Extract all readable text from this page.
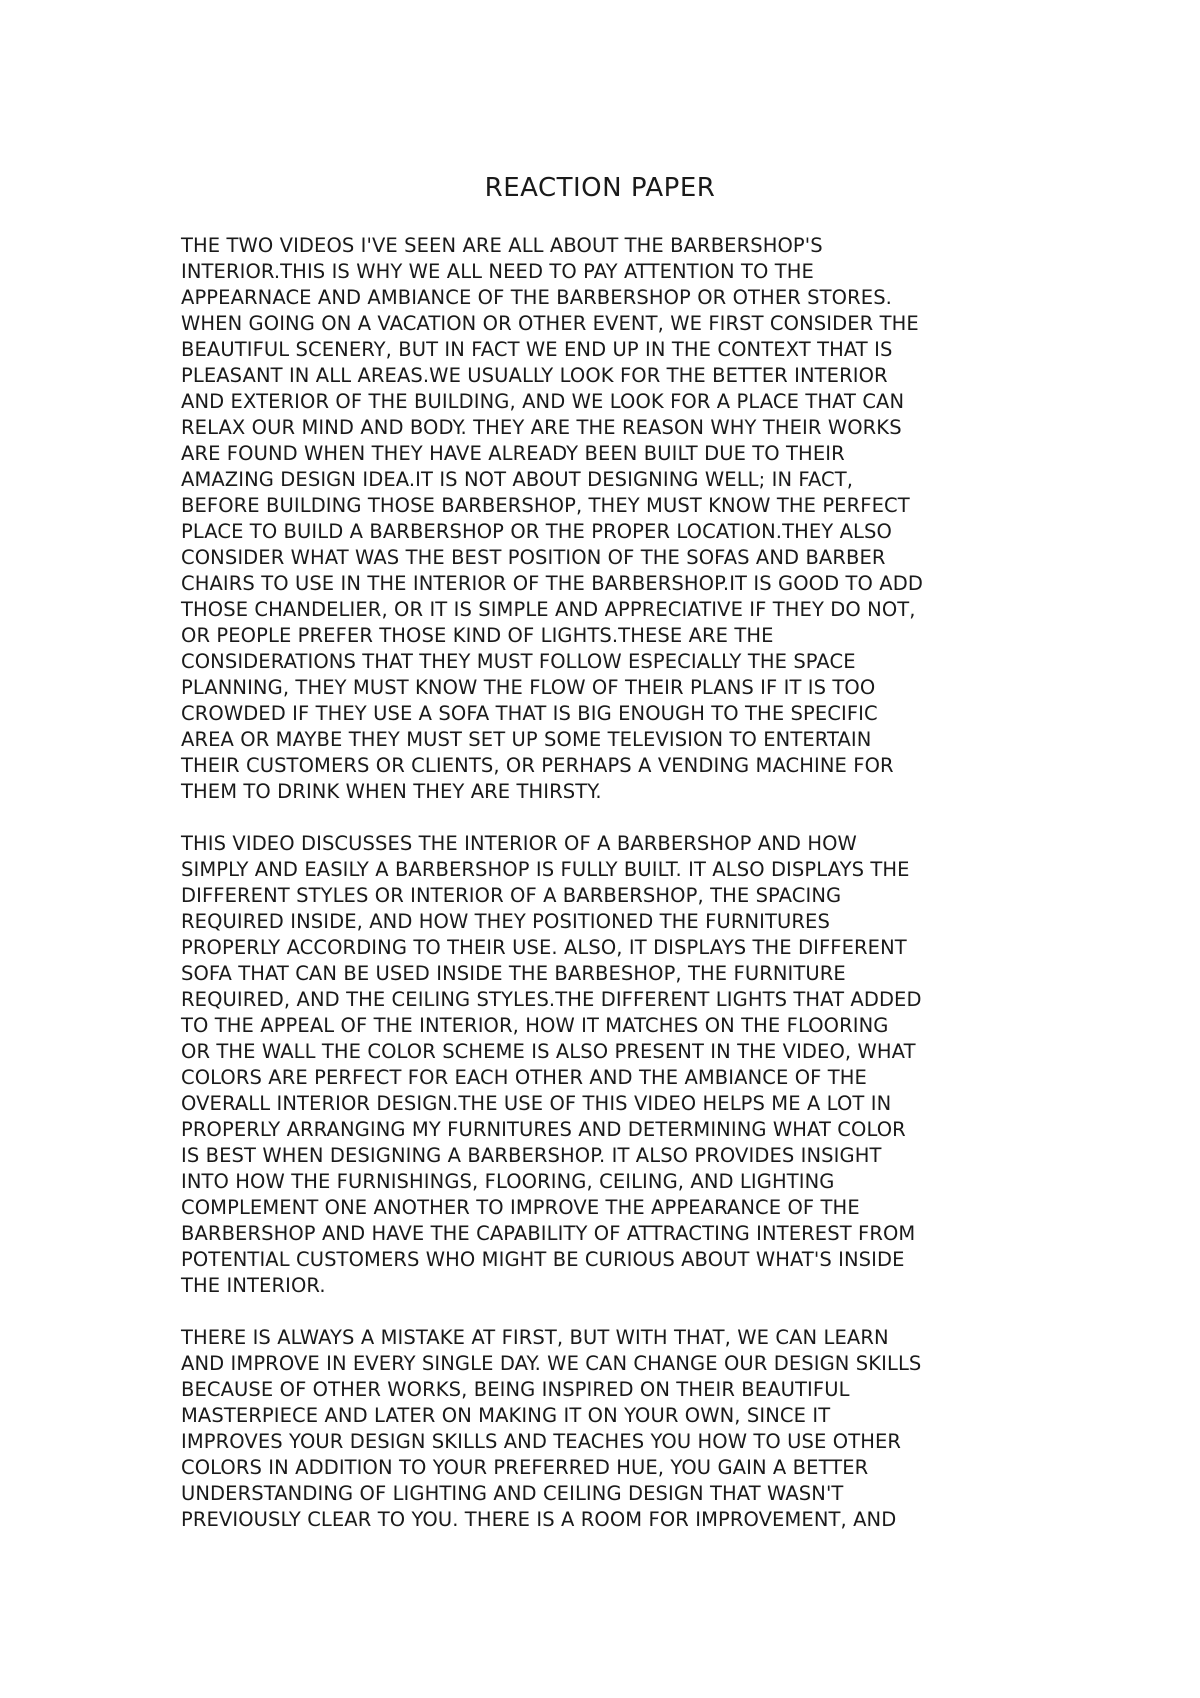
REACTION PAPER
THE TWO VIDEOS I'VE SEEN ARE ALL ABOUT THE BARBERSHOP'S
INTERIOR.THIS IS WHY WE ALL NEED TO PAY ATTENTION TO THE
APPEARNACE AND AMBIANCE OF THE BARBERSHOP OR OTHER STORES.
WHEN GOING ON A VACATION OR OTHER EVENT, WE FIRST CONSIDER THE
BEAUTIFUL SCENERY, BUT IN FACT WE END UP IN THE CONTEXT THAT IS
PLEASANT IN ALL AREAS.WE USUALLY LOOK FOR THE BETTER INTERIOR
AND EXTERIOR OF THE BUILDING, AND WE LOOK FOR A PLACE THAT CAN
RELAX OUR MIND AND BODY. THEY ARE THE REASON WHY THEIR WORKS
ARE FOUND WHEN THEY HAVE ALREADY BEEN BUILT DUE TO THEIR
AMAZING DESIGN IDEA.IT IS NOT ABOUT DESIGNING WELL; IN FACT,
BEFORE BUILDING THOSE BARBERSHOP, THEY MUST KNOW THE PERFECT
PLACE TO BUILD A BARBERSHOP OR THE PROPER LOCATION.THEY ALSO
CONSIDER WHAT WAS THE BEST POSITION OF THE SOFAS AND BARBER
CHAIRS TO USE IN THE INTERIOR OF THE BARBERSHOP.IT IS GOOD TO ADD
THOSE CHANDELIER, OR IT IS SIMPLE AND APPRECIATIVE IF THEY DO NOT,
OR PEOPLE PREFER THOSE KIND OF LIGHTS.THESE ARE THE
CONSIDERATIONS THAT THEY MUST FOLLOW ESPECIALLY THE SPACE
PLANNING, THEY MUST KNOW THE FLOW OF THEIR PLANS IF IT IS TOO
CROWDED IF THEY USE A SOFA THAT IS BIG ENOUGH TO THE SPECIFIC
AREA OR MAYBE THEY MUST SET UP SOME TELEVISION TO ENTERTAIN
THEIR CUSTOMERS OR CLIENTS, OR PERHAPS A VENDING MACHINE FOR
THEM TO DRINK WHEN THEY ARE THIRSTY.
THIS VIDEO DISCUSSES THE INTERIOR OF A BARBERSHOP AND HOW
SIMPLY AND EASILY A BARBERSHOP IS FULLY BUILT. IT ALSO DISPLAYS THE
DIFFERENT STYLES OR INTERIOR OF A BARBERSHOP, THE SPACING
REQUIRED INSIDE, AND HOW THEY POSITIONED THE FURNITURES
PROPERLY ACCORDING TO THEIR USE. ALSO, IT DISPLAYS THE DIFFERENT
SOFA THAT CAN BE USED INSIDE THE BARBESHOP, THE FURNITURE
REQUIRED, AND THE CEILING STYLES.THE DIFFERENT LIGHTS THAT ADDED
TO THE APPEAL OF THE INTERIOR, HOW IT MATCHES ON THE FLOORING
OR THE WALL THE COLOR SCHEME IS ALSO PRESENT IN THE VIDEO, WHAT
COLORS ARE PERFECT FOR EACH OTHER AND THE AMBIANCE OF THE
OVERALL INTERIOR DESIGN.THE USE OF THIS VIDEO HELPS ME A LOT IN
PROPERLY ARRANGING MY FURNITURES AND DETERMINING WHAT COLOR
IS BEST WHEN DESIGNING A BARBERSHOP. IT ALSO PROVIDES INSIGHT
INTO HOW THE FURNISHINGS, FLOORING, CEILING, AND LIGHTING
COMPLEMENT ONE ANOTHER TO IMPROVE THE APPEARANCE OF THE
BARBERSHOP AND HAVE THE CAPABILITY OF ATTRACTING INTEREST FROM
POTENTIAL CUSTOMERS WHO MIGHT BE CURIOUS ABOUT WHAT'S INSIDE
THE INTERIOR.
THERE IS ALWAYS A MISTAKE AT FIRST, BUT WITH THAT, WE CAN LEARN
AND IMPROVE IN EVERY SINGLE DAY. WE CAN CHANGE OUR DESIGN SKILLS
BECAUSE OF OTHER WORKS, BEING INSPIRED ON THEIR BEAUTIFUL
MASTERPIECE AND LATER ON MAKING IT ON YOUR OWN, SINCE IT
IMPROVES YOUR DESIGN SKILLS AND TEACHES YOU HOW TO USE OTHER
COLORS IN ADDITION TO YOUR PREFERRED HUE, YOU GAIN A BETTER
UNDERSTANDING OF LIGHTING AND CEILING DESIGN THAT WASN'T
PREVIOUSLY CLEAR TO YOU. THERE IS A ROOM FOR IMPROVEMENT, AND
